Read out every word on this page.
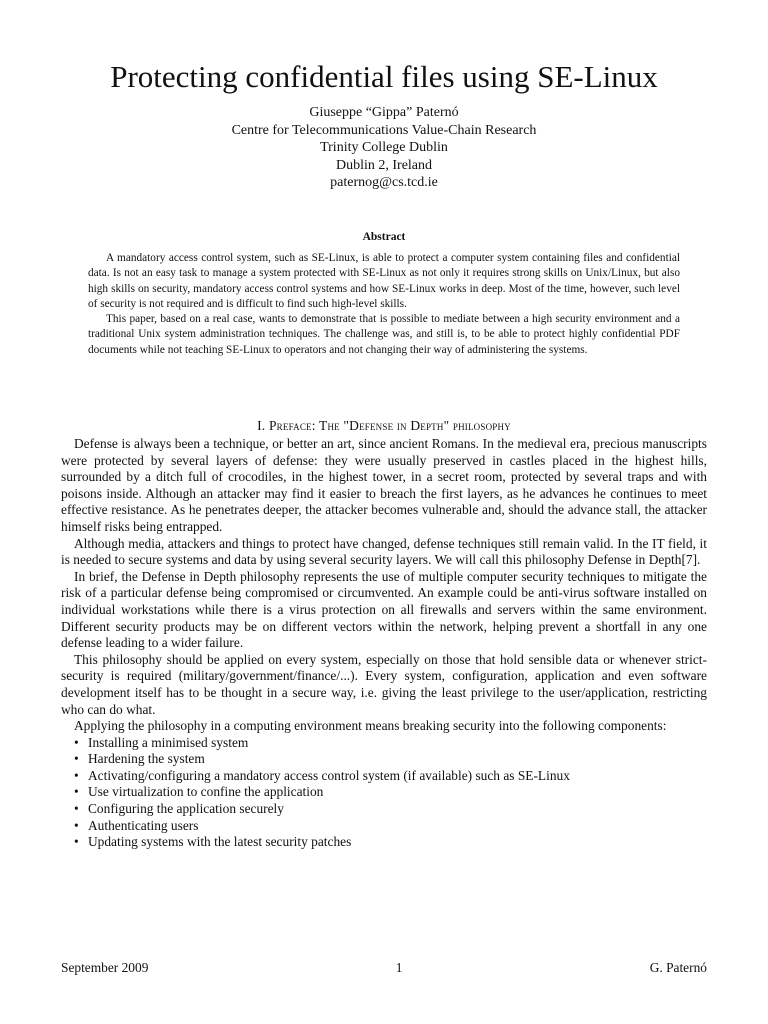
Protecting confidential files using SE-Linux
Giuseppe “Gippa” Paternó
Centre for Telecommunications Value-Chain Research
Trinity College Dublin
Dublin 2, Ireland
paternog@cs.tcd.ie
Abstract

A mandatory access control system, such as SE-Linux, is able to protect a computer system containing files and confidential data. Is not an easy task to manage a system protected with SE-Linux as not only it requires strong skills on Unix/Linux, but also high skills on security, mandatory access control systems and how SE-Linux works in deep. Most of the time, however, such level of security is not required and is difficult to find such high-level skills.

This paper, based on a real case, wants to demonstrate that is possible to mediate between a high security environment and a traditional Unix system administration techniques. The challenge was, and still is, to be able to protect highly confidential PDF documents while not teaching SE-Linux to operators and not changing their way of administering the systems.

I. Preface: The "Defense in Depth" philosophy

Defense is always been a technique, or better an art, since ancient Romans. In the medieval era, precious manuscripts were protected by several layers of defense: they were usually preserved in castles placed in the highest hills, surrounded by a ditch full of crocodiles, in the highest tower, in a secret room, protected by several traps and with poisons inside. Although an attacker may find it easier to breach the first layers, as he advances he continues to meet effective resistance. As he penetrates deeper, the attacker becomes vulnerable and, should the advance stall, the attacker himself risks being entrapped.

Although media, attackers and things to protect have changed, defense techniques still remain valid. In the IT field, it is needed to secure systems and data by using several security layers. We will call this philosophy Defense in Depth[7].

In brief, the Defense in Depth philosophy represents the use of multiple computer security techniques to mitigate the risk of a particular defense being compromised or circumvented. An example could be anti-virus software installed on individual workstations while there is a virus protection on all firewalls and servers within the same environment. Different security products may be on different vectors within the network, helping prevent a shortfall in any one defense leading to a wider failure.

This philosophy should be applied on every system, especially on those that hold sensible data or whenever strict-security is required (military/government/finance/...). Every system, configuration, application and even software development itself has to be thought in a secure way, i.e. giving the least privilege to the user/application, restricting who can do what.

Applying the philosophy in a computing environment means breaking security into the following components:

• Installing a minimised system
• Hardening the system
• Activating/configuring a mandatory access control system (if available) such as SE-Linux
• Use virtualization to confine the application
• Configuring the application securely
• Authenticating users
• Updating systems with the latest security patches
September 2009	1	G. Paternó
